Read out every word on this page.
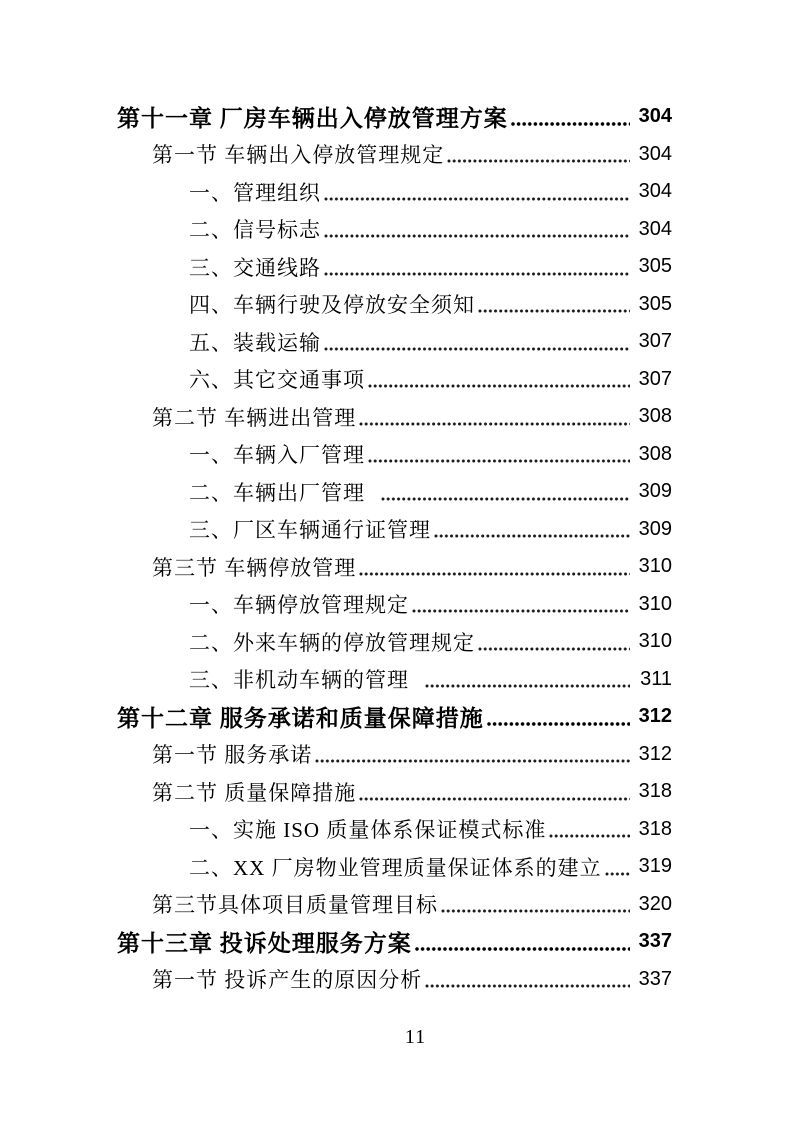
第十一章 厂房车辆出入停放管理方案	304
第一节 车辆出入停放管理规定	304
一、管理组织	304
二、信号标志	304
三、交通线路	305
四、车辆行驶及停放安全须知	305
五、装载运输	307
六、其它交通事项	307
第二节 车辆进出管理	308
一、车辆入厂管理	308
二、车辆出厂管理	309
三、厂区车辆通行证管理	309
第三节 车辆停放管理	310
一、车辆停放管理规定	310
二、外来车辆的停放管理规定	310
三、非机动车辆的管理	311
第十二章 服务承诺和质量保障措施	312
第一节 服务承诺	312
第二节 质量保障措施	318
一、实施 ISO 质量体系保证模式标准	318
二、XX 厂房物业管理质量保证体系的建立 319
第三节具体项目质量管理目标	320
第十三章 投诉处理服务方案	337
第一节 投诉产生的原因分析	337
11
